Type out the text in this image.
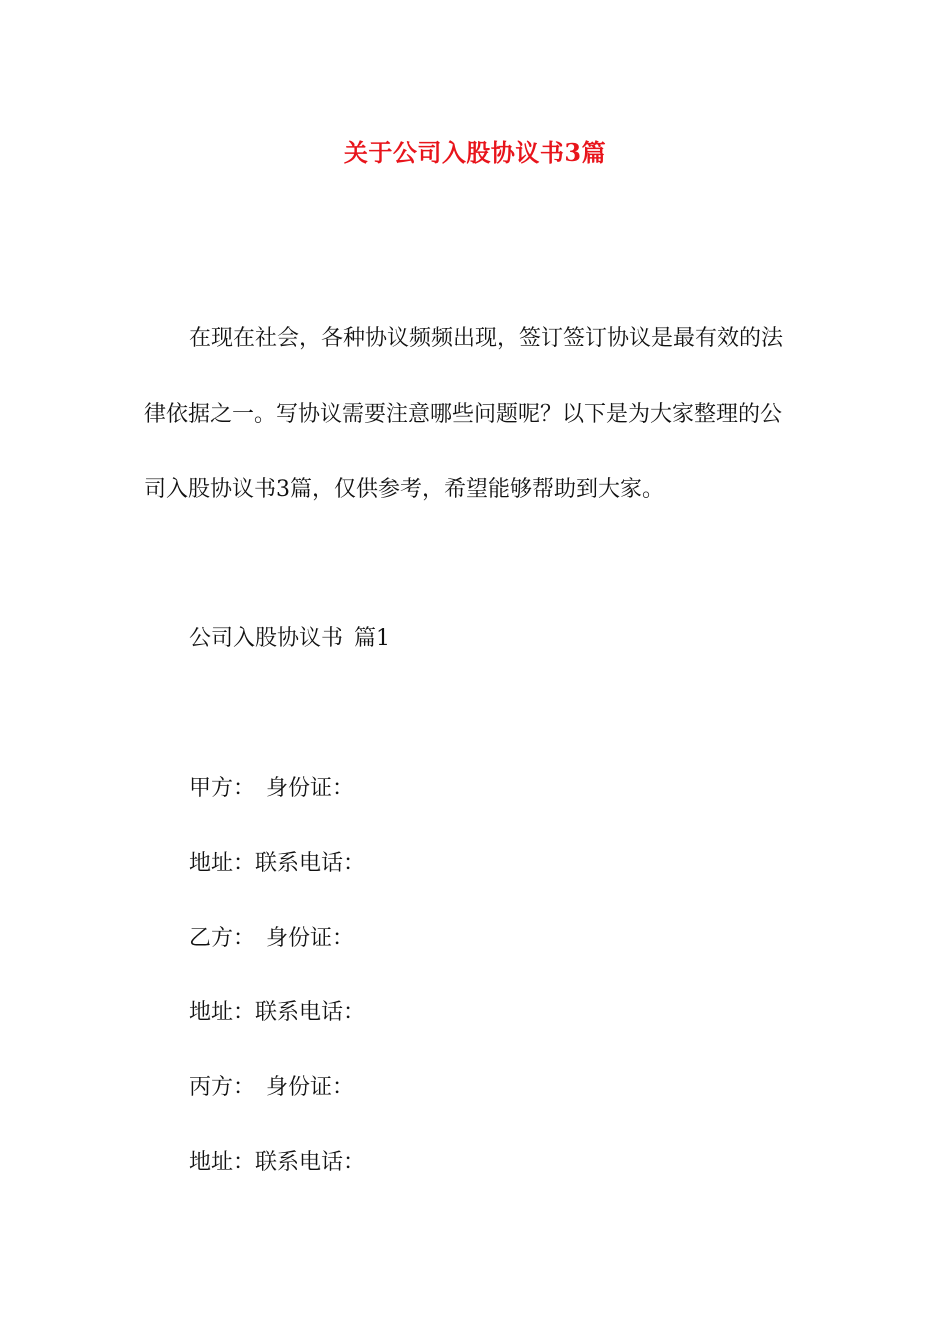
关于公司入股协议书3篇
在现在社会，各种协议频频出现，签订签订协议是最有效的法
律依据之一。写协议需要注意哪些问题呢？以下是为大家整理的公
司入股协议书3篇，仅供参考，希望能够帮助到大家。
公司入股协议书 篇1
甲方： 身份证：
地址：联系电话：
乙方： 身份证：
地址：联系电话：
丙方： 身份证：
地址：联系电话：
